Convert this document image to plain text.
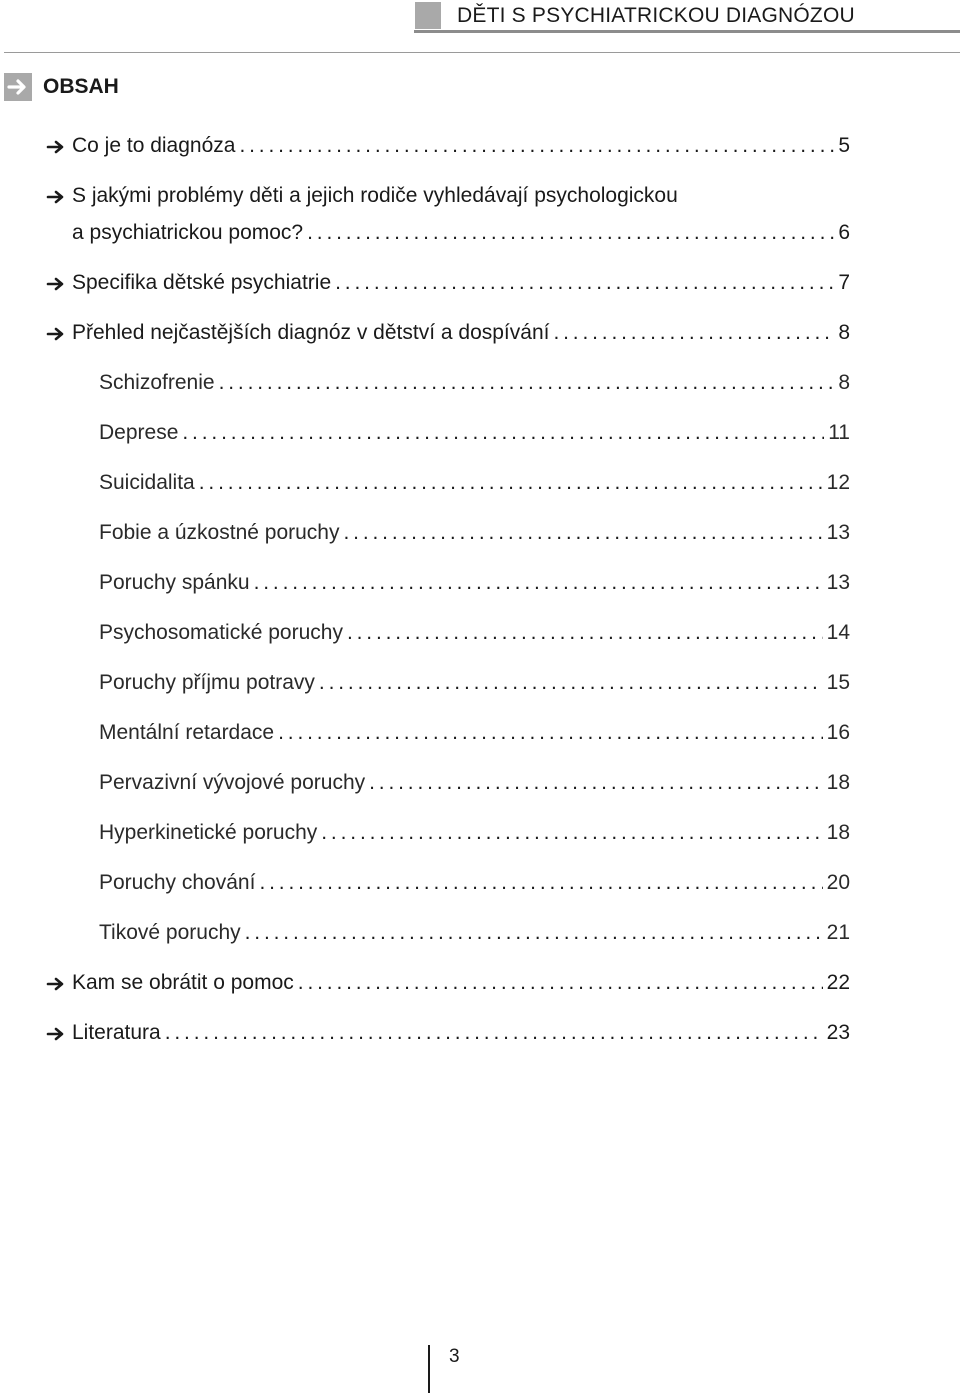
DĚTI S PSYCHIATRICKOU DIAGNÓZOU
OBSAH
Co je to diagnóza . . .	5
S jakými problémy děti a jejich rodiče vyhledávají psychologickou
a psychiatrickou pomoc? . . .	6
Specifika dětské psychiatrie . . .	7
Přehled nejčastějších diagnóz v dětství a dospívání . . .	8
Schizofrenie . . .	8
Deprese . . .	11
Suicidalita . . .	12
Fobie a úzkostné poruchy . . .	13
Poruchy spánku . . .	13
Psychosomatické poruchy . . .	14
Poruchy příjmu potravy . . .	15
Mentální retardace . . .	16
Pervazivní vývojové poruchy . . .	18
Hyperkinetické poruchy . . .	18
Poruchy chování . . .	20
Tikové poruchy . . .	21
Kam se obrátit o pomoc . . .	22
Literatura . . .	23
3
